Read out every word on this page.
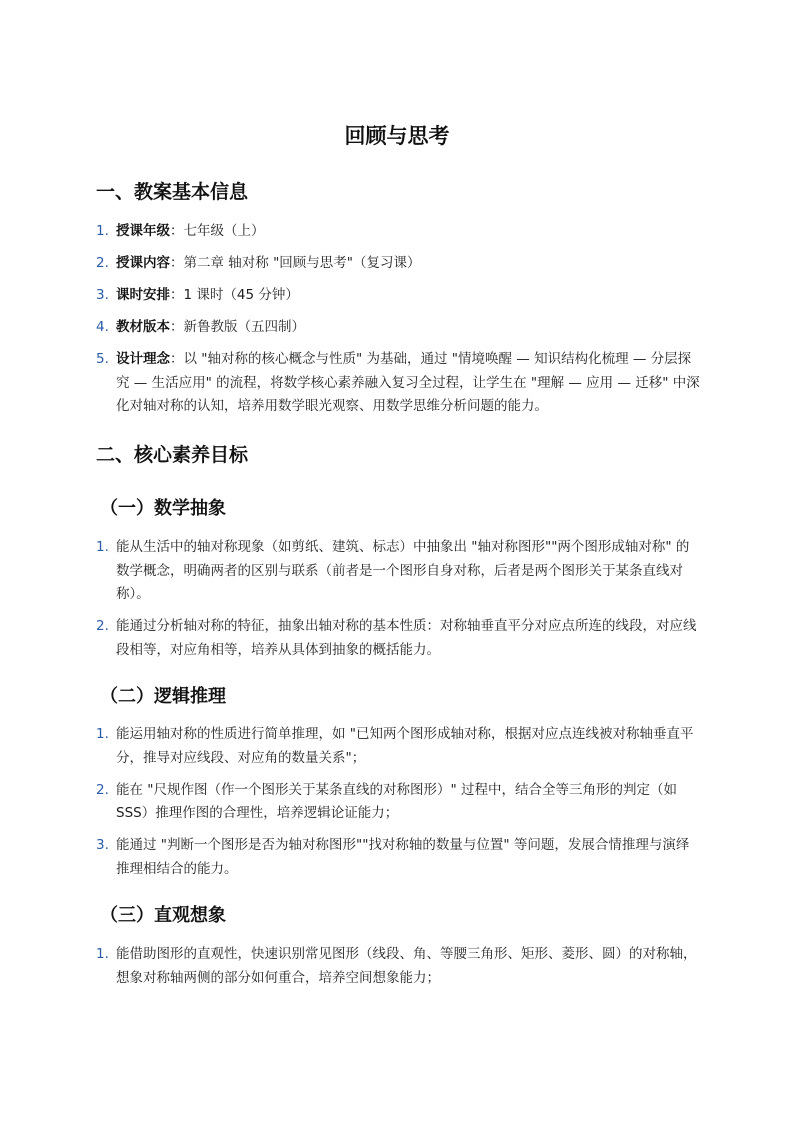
回顾与思考
一、教案基本信息
1. 授课年级：七年级（上）
2. 授课内容：第二章 轴对称 "回顾与思考"（复习课）
3. 课时安排：1 课时（45 分钟）
4. 教材版本：新鲁教版（五四制）
5. 设计理念：以 "轴对称的核心概念与性质" 为基础，通过 "情境唤醒 — 知识结构化梳理 — 分层探究 — 生活应用" 的流程，将数学核心素养融入复习全过程，让学生在 "理解 — 应用 — 迁移" 中深化对轴对称的认知，培养用数学眼光观察、用数学思维分析问题的能力。
二、核心素养目标
（一）数学抽象
1. 能从生活中的轴对称现象（如剪纸、建筑、标志）中抽象出 "轴对称图形""两个图形成轴对称" 的数学概念，明确两者的区别与联系（前者是一个图形自身对称，后者是两个图形关于某条直线对称）。
2. 能通过分析轴对称的特征，抽象出轴对称的基本性质：对称轴垂直平分对应点所连的线段，对应线段相等，对应角相等，培养从具体到抽象的概括能力。
（二）逻辑推理
1. 能运用轴对称的性质进行简单推理，如 "已知两个图形成轴对称，根据对应点连线被对称轴垂直平分，推导对应线段、对应角的数量关系"；
2. 能在 "尺规作图（作一个图形关于某条直线的对称图形）" 过程中，结合全等三角形的判定（如 SSS）推理作图的合理性，培养逻辑论证能力；
3. 能通过 "判断一个图形是否为轴对称图形""找对称轴的数量与位置" 等问题，发展合情推理与演绎推理相结合的能力。
（三）直观想象
1. 能借助图形的直观性，快速识别常见图形（线段、角、等腰三角形、矩形、菱形、圆）的对称轴，想象对称轴两侧的部分如何重合，培养空间想象能力；
